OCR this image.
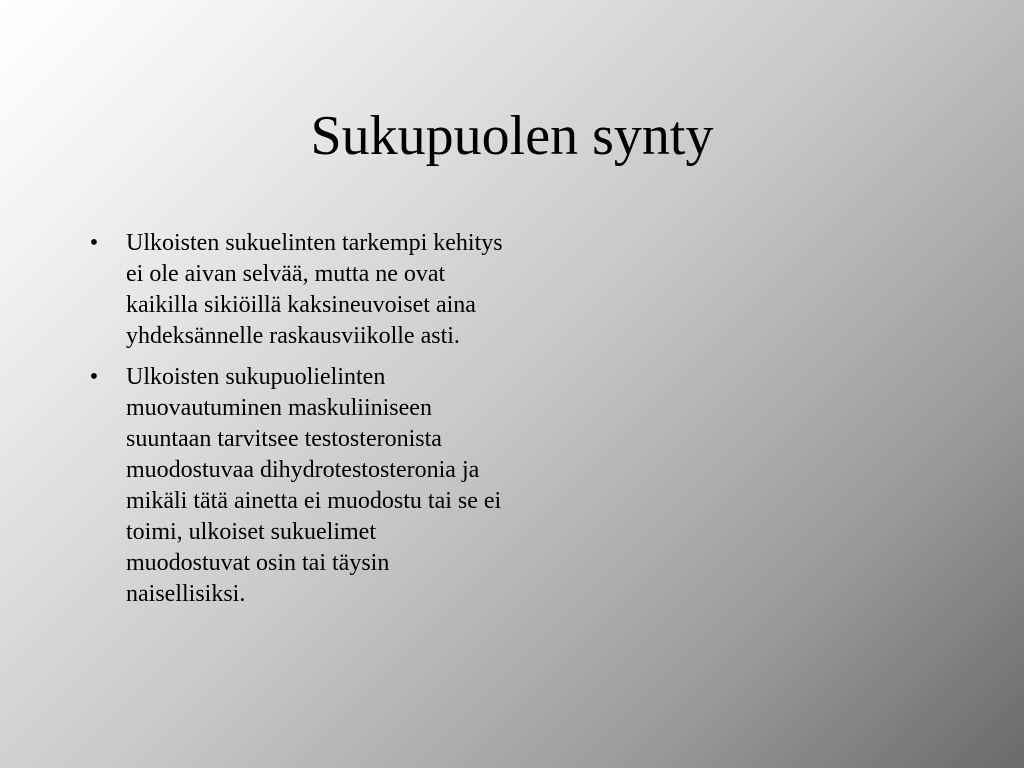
Sukupuolen synty
• Ulkoisten sukuelinten tarkempi kehitys ei ole aivan selvää, mutta ne ovat kaikilla sikiöillä kaksineuvoiset aina yhdeksännelle raskausviikolle asti.
• Ulkoisten sukupuolielinten muovautuminen maskuliiniseen suuntaan tarvitsee testosteronista muodostuvaa dihydrotestosteronia ja mikäli tätä ainetta ei muodostu tai se ei toimi, ulkoiset sukuelimet muodostuvat osin tai täysin naisellisiksi.
